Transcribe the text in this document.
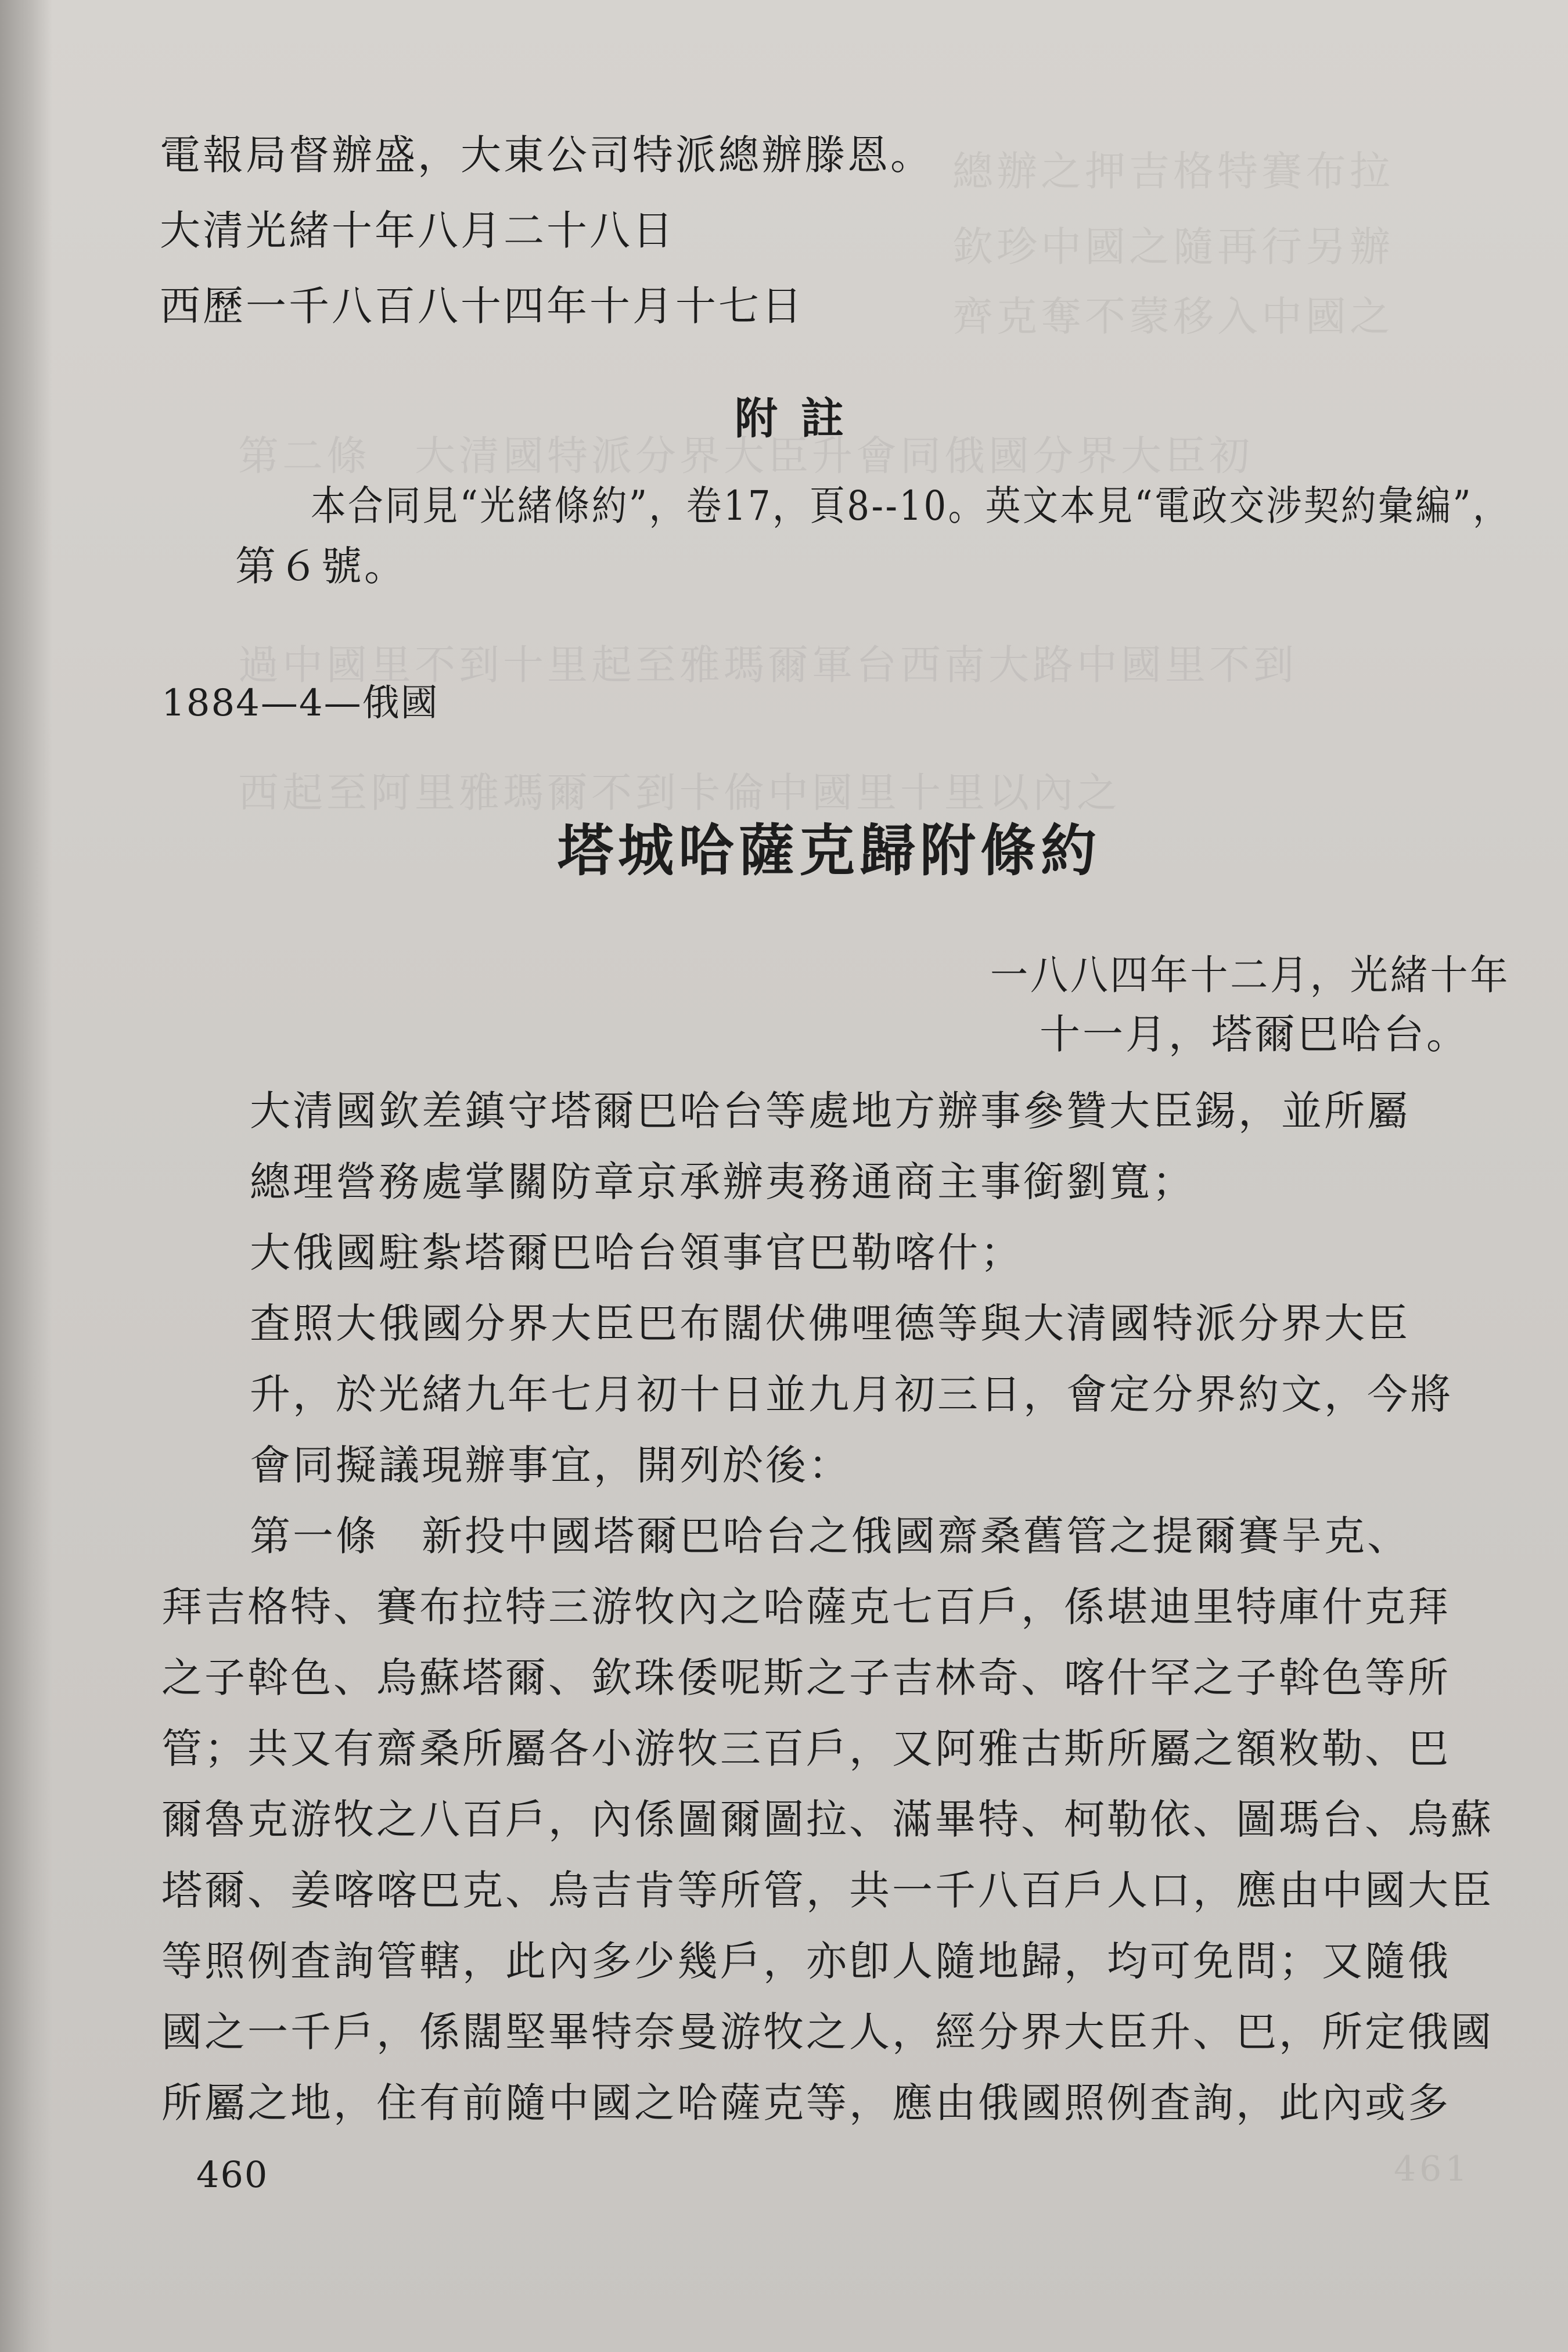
總辦之押吉格特賽布拉
欽珍中國之隨再行另辦
齊克奪不蒙移入中國之
第二條　大清國特派分界大臣升會同俄國分界大臣初
過中國里不到十里起至雅瑪爾軍台西南大路中國里不到
西起至阿里雅瑪爾不到卡倫中國里十里以內之
461
電報局督辦盛，大東公司特派總辦滕恩。
大清光緒十年八月二十八日
西歷一千八百八十四年十月十七日
附註
本合同見“光緒條約”，卷17，頁8--10。英文本見“電政交涉契約彙編”，
第６號。
1884—4—俄國
塔城哈薩克歸附條約
一八八四年十二月，光緒十年
十一月，塔爾巴哈台。
大清國欽差鎮守塔爾巴哈台等處地方辦事參贊大臣錫，並所屬
總理營務處掌關防章京承辦夷務通商主事銜劉寬；
大俄國駐紮塔爾巴哈台領事官巴勒喀什；
査照大俄國分界大臣巴布闊伏佛哩德等與大清國特派分界大臣
升，於光緒九年七月初十日並九月初三日，會定分界約文，今將
會同擬議現辦事宜，開列於後：
第一條　新投中國塔爾巴哈台之俄國齋桑舊管之提爾賽𠯊克、
拜吉格特、賽布拉特三游牧內之哈薩克七百戶，係堪迪里特庫什克拜
之子斡色、烏蘇塔爾、欽珠倭呢斯之子吉林奇、喀什罕之子斡色等所
管；共又有齋桑所屬各小游牧三百戶，又阿雅古斯所屬之額敉勒、巴
爾魯克游牧之八百戶，內係圖爾圖拉、滿畢特、柯勒依、圖瑪台、烏蘇
塔爾、姜喀喀巴克、烏吉肯等所管，共一千八百戶人口，應由中國大臣
等照例査詢管轄，此內多少幾戶，亦卽人隨地歸，均可免問；又隨俄
國之一千戶，係闊堅畢特奈曼游牧之人，經分界大臣升、巴，所定俄國
所屬之地，住有前隨中國之哈薩克等，應由俄國照例査詢，此內或多
460
